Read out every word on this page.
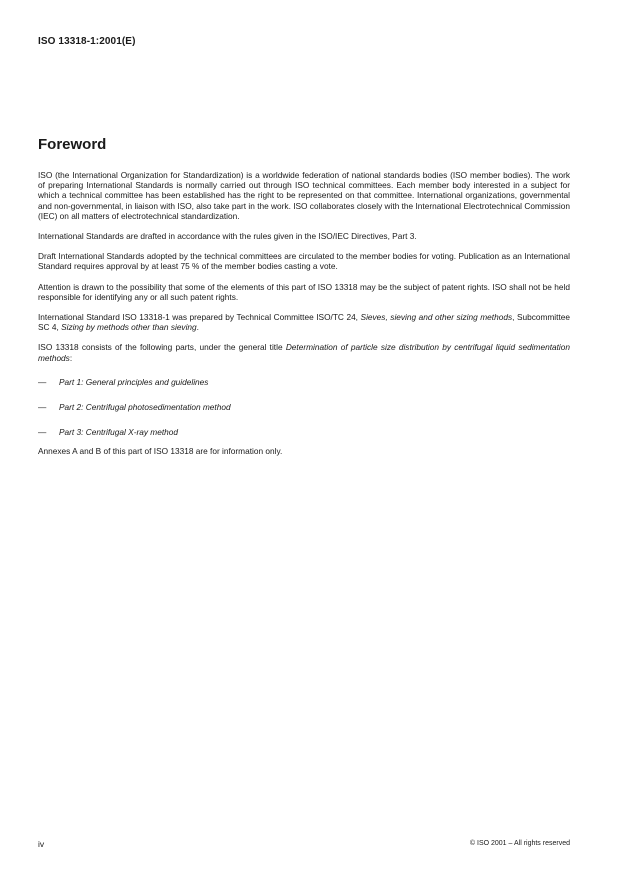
ISO 13318-1:2001(E)
Foreword

ISO (the International Organization for Standardization) is a worldwide federation of national standards bodies (ISO member bodies). The work of preparing International Standards is normally carried out through ISO technical committees. Each member body interested in a subject for which a technical committee has been established has the right to be represented on that committee. International organizations, governmental and non-governmental, in liaison with ISO, also take part in the work. ISO collaborates closely with the International Electrotechnical Commission (IEC) on all matters of electrotechnical standardization.

International Standards are drafted in accordance with the rules given in the ISO/IEC Directives, Part 3.

Draft International Standards adopted by the technical committees are circulated to the member bodies for voting. Publication as an International Standard requires approval by at least 75 % of the member bodies casting a vote.

Attention is drawn to the possibility that some of the elements of this part of ISO 13318 may be the subject of patent rights. ISO shall not be held responsible for identifying any or all such patent rights.

International Standard ISO 13318-1 was prepared by Technical Committee ISO/TC 24, Sieves, sieving and other sizing methods, Subcommittee SC 4, Sizing by methods other than sieving.

ISO 13318 consists of the following parts, under the general title Determination of particle size distribution by centrifugal liquid sedimentation methods:

—	Part 1: General principles and guidelines
—	Part 2: Centrifugal photosedimentation method
—	Part 3: Centrifugal X-ray method

Annexes A and B of this part of ISO 13318 are for information only.

iv	© ISO 2001 – All rights reserved
